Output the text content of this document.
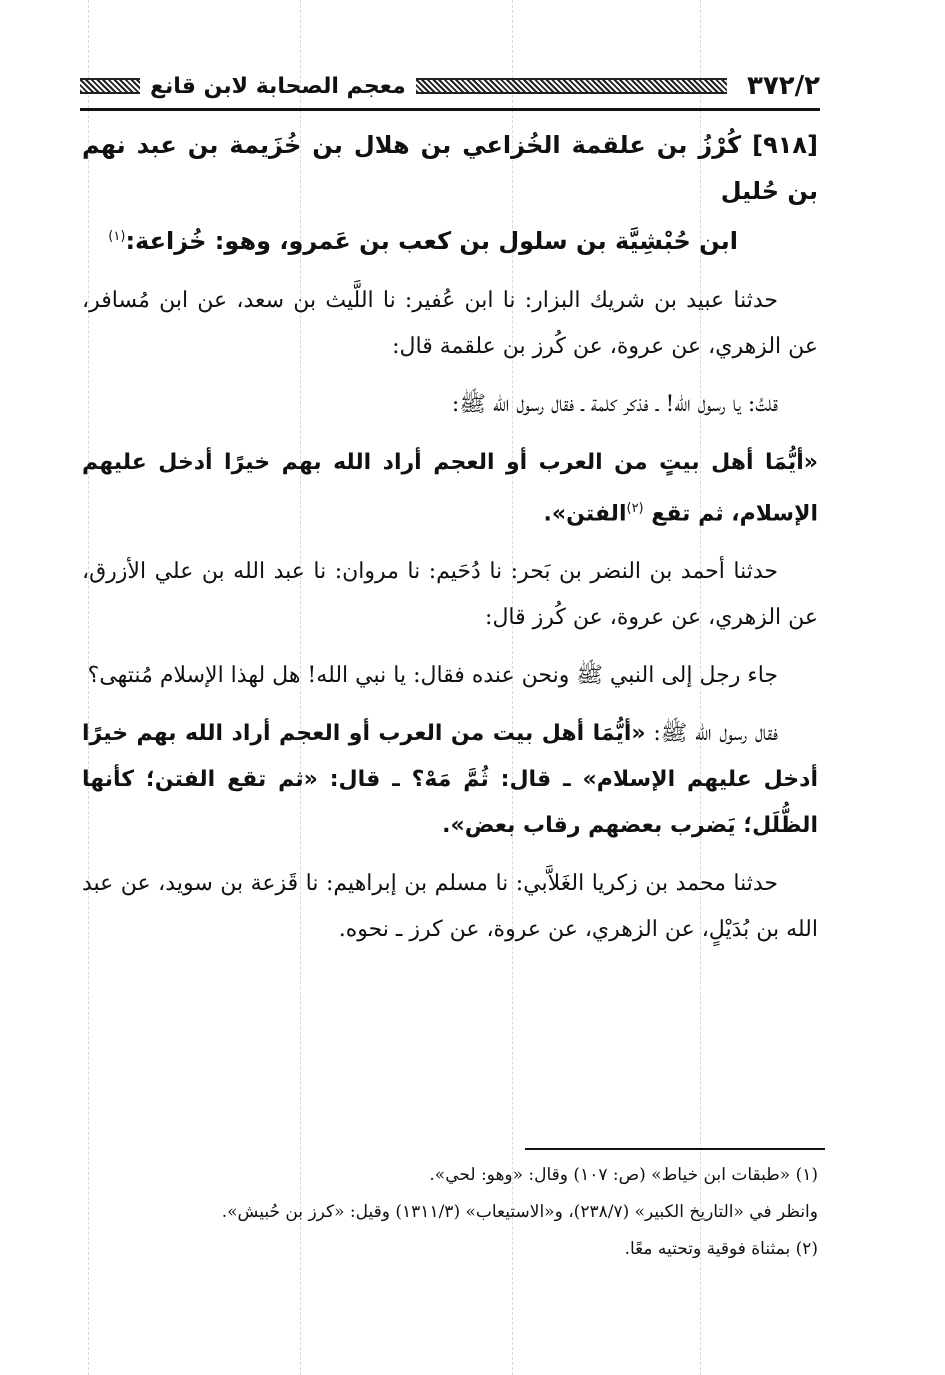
٣٧٢/٢
معجم الصحابة لابن قانع
[٩١٨] كُرْزُ بن علقمة الخُزاعي بن هلال بن خُزَيمة بن عبد نهم بن حُليل
ابن حُبْشِيَّة بن سلول بن كعب بن عَمرو، وهو: خُزاعة:$^{(١)}$

حدثنا عبيد بن شريك البزار: نا ابن عُفير: نا اللَّيث بن سعد، عن ابن مُسافر، عن الزهري، عن عروة، عن كُرز بن علقمة قال:

قلتُ: يا رسول الله! ـ فذكر كلمة ـ فقال رسول الله ﷺ:

«أيُّمَا أهل بيتٍ من العرب أو العجم أراد الله بهم خيرًا أدخل عليهم الإسلام، ثم تقع $^{(٢)}$الفتن».

حدثنا أحمد بن النضر بن بَحر: نا دُحَيم: نا مروان: نا عبد الله بن علي الأزرق، عن الزهري، عن عروة، عن كُرز قال:

جاء رجل إلى النبي ﷺ ونحن عنده فقال: يا نبي الله! هل لهذا الإسلام مُنتهى؟

فقال رسول الله ﷺ: «أيُّمَا أهل بيت من العرب أو العجم أراد الله بهم خيرًا أدخل عليهم الإسلام» ـ قال: ثُمَّ مَهْ؟ ـ قال: «ثم تقع الفتن؛ كأنها الظُّلَل؛ يَضرب بعضهم رقاب بعض».

حدثنا محمد بن زكريا الغَلاَّبي: نا مسلم بن إبراهيم: نا قَزعة بن سويد، عن عبد الله بن بُدَيْلٍ، عن الزهري، عن عروة، عن كرز ـ نحوه.

(١) «طبقات ابن خياط» (ص: ١٠٧) وقال: «وهو: لحي».

وانظر في «التاريخ الكبير» (٢٣٨/٧)، و«الاستيعاب» (١٣١١/٣) وقيل: «كرز بن حُبيش».

(٢) بمثناة فوقية وتحتيه معًا.
